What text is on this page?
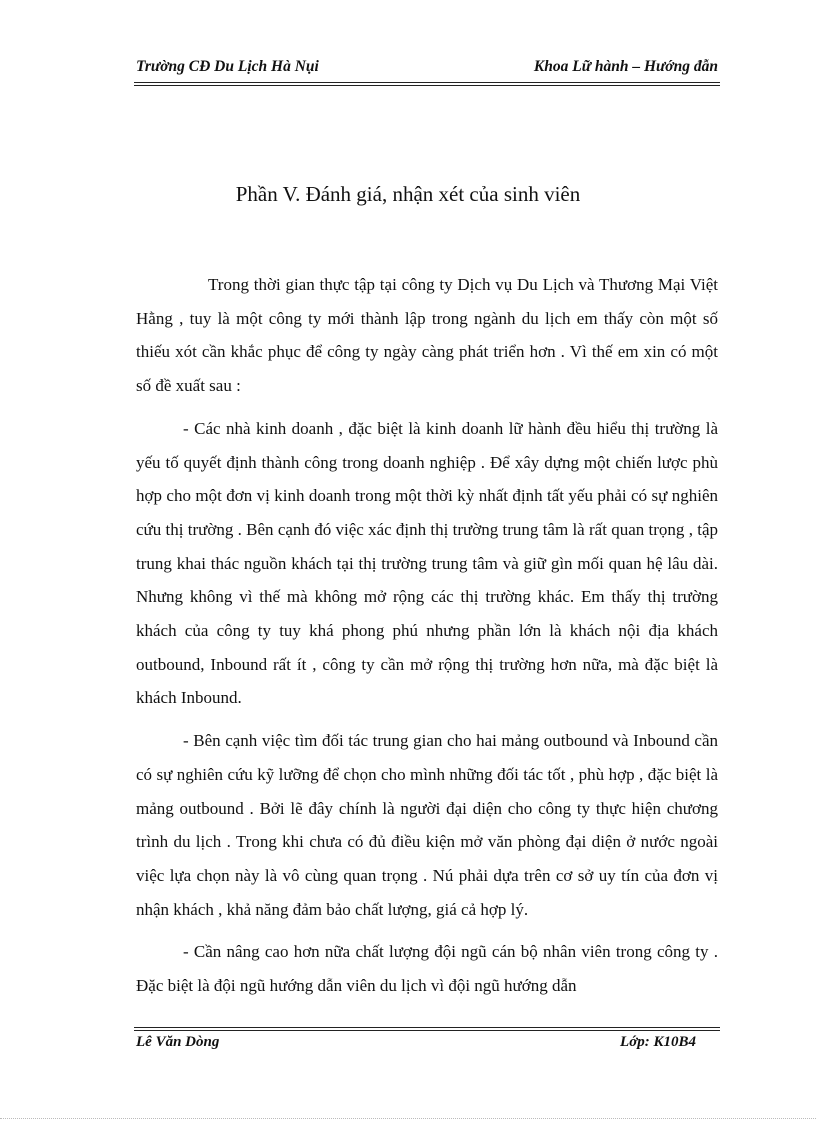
Trường CĐ Du Lịch Hà Nụi	Khoa Lữ hành – Hướng đẫn
Phần V. Đánh giá, nhận xét của sinh viên

Trong thời gian thực tập tại công ty Dịch vụ Du Lịch và Thương Mại Việt Hằng , tuy là một công ty mới thành lập trong ngành du lịch em thấy còn một số thiếu xót cần khắc phục để công ty ngày càng phát triển hơn . Vì thế em xin có một số đề xuất sau :

- Các nhà kinh doanh , đặc biệt là kinh doanh lữ hành đều hiểu thị trường là yếu tố quyết định thành công trong doanh nghiệp . Để xây dựng một chiến lược phù hợp cho một đơn vị kinh doanh trong một thời kỳ nhất định tất yếu phải có sự nghiên cứu thị trường . Bên cạnh đó việc xác định thị trường trung tâm là rất quan trọng , tập trung khai thác nguồn khách tại thị trường trung tâm và giữ gìn mối quan hệ lâu dài. Nhưng không vì thế mà không mở rộng các thị trường khác. Em thấy thị trường khách của công ty tuy khá phong phú nhưng phần lớn là khách nội địa khách outbound, Inbound rất ít , công ty cần mở rộng thị trường hơn nữa, mà đặc biệt là khách Inbound.

- Bên cạnh việc tìm đối tác trung gian cho hai mảng outbound và Inbound cần có sự nghiên cứu kỹ lưỡng để chọn cho mình những đối tác tốt , phù hợp , đặc biệt là mảng outbound . Bởi lẽ đây chính là người đại diện cho công ty thực hiện chương trình du lịch . Trong khi chưa có đủ điều kiện mở văn phòng đại diện ở nước ngoài việc lựa chọn này là vô cùng quan trọng . Nú phải dựa trên cơ sở uy tín của đơn vị nhận khách , khả năng đảm bảo chất lượng, giá cả hợp lý.

- Cần nâng cao hơn nữa chất lượng đội ngũ cán bộ nhân viên trong công ty . Đặc biệt là đội ngũ hướng dẫn viên du lịch vì đội ngũ hướng dẫn

Lê Văn Dòng	Lớp: K10B4
